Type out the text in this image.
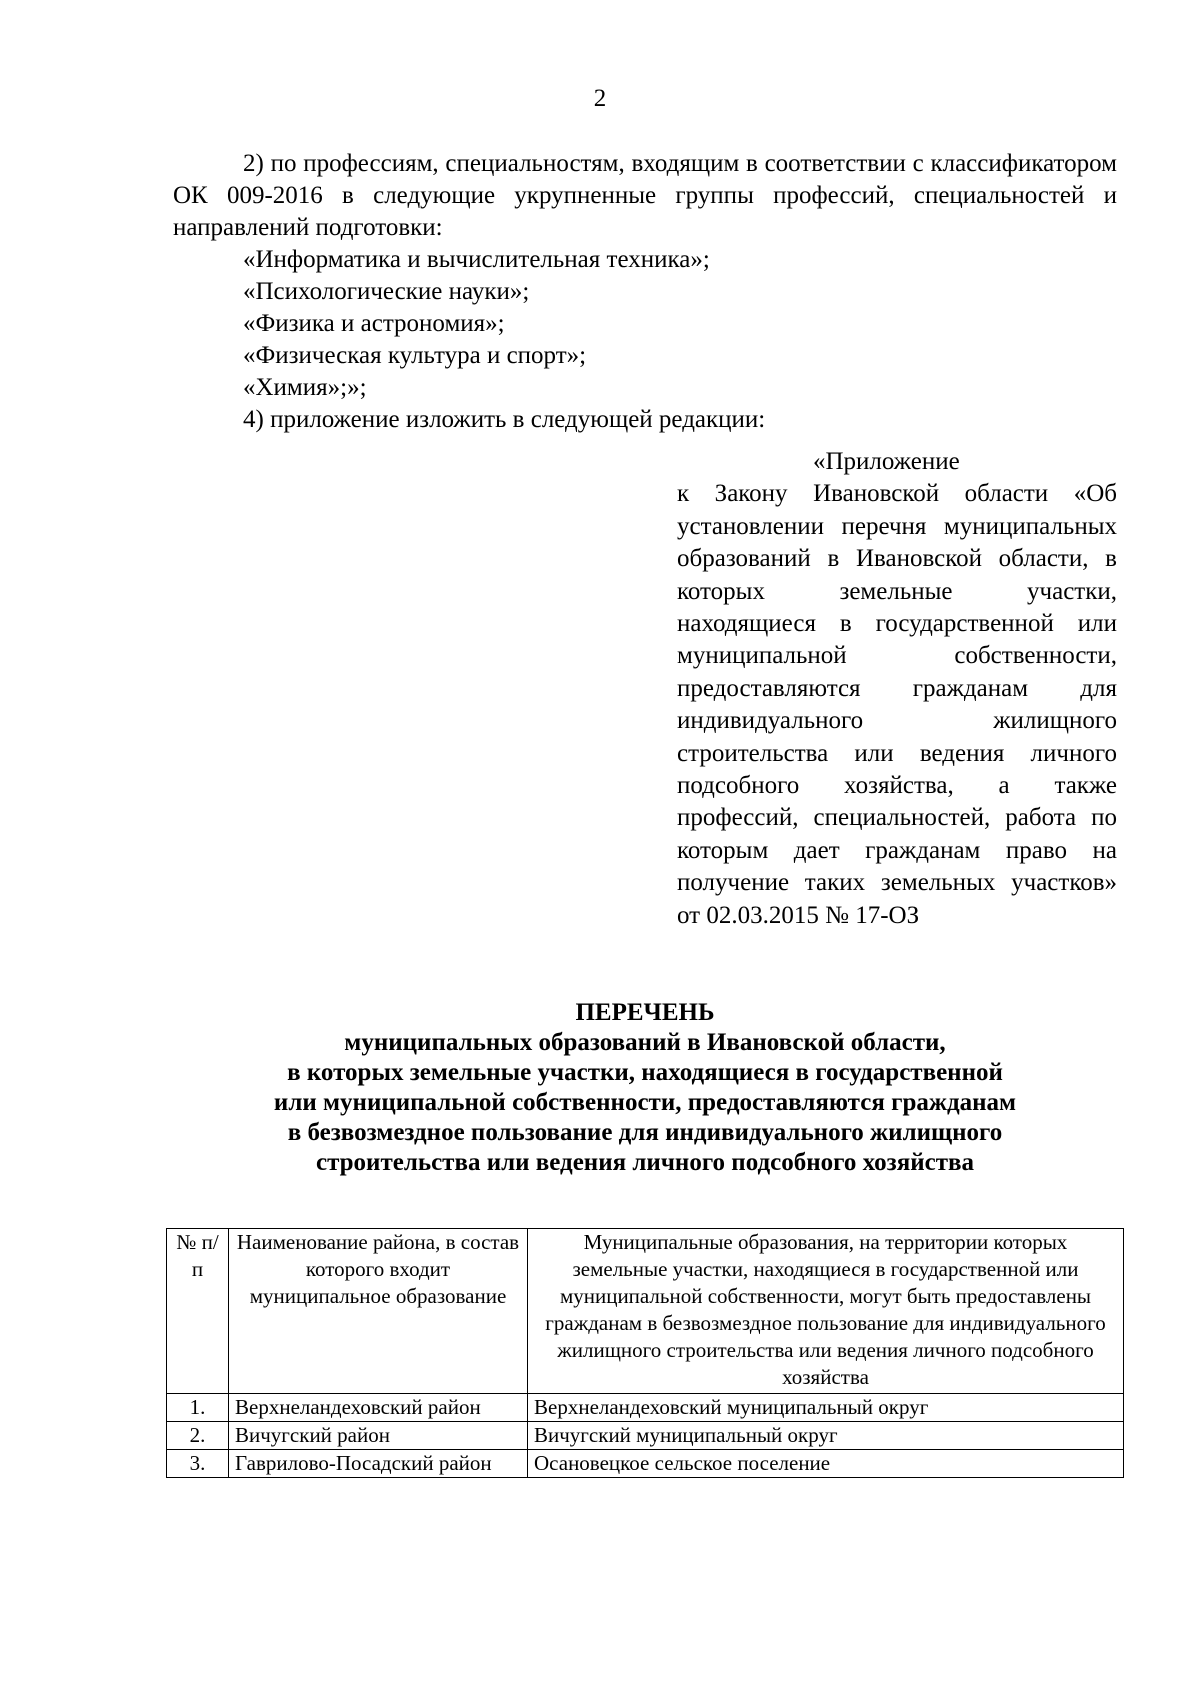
2

2) по профессиям, специальностям, входящим в соответствии с классификатором ОК 009-2016 в следующие укрупненные группы профессий, специальностей и направлений подготовки:

«Информатика и вычислительная техника»;

«Психологические науки»;

«Физика и астрономия»;

«Физическая культура и спорт»;

«Химия»;»;

4) приложение изложить в следующей редакции:

«Приложение

к Закону Ивановской области «Об установлении перечня муниципальных образований в Ивановской области, в которых земельные участки, находящиеся в государственной или муниципальной собственности, предоставляются гражданам для индивидуального жилищного строительства или ведения личного подсобного хозяйства, а также профессий, специальностей, работа по которым дает гражданам право на получение таких земельных участков» от 02.03.2015 № 17-ОЗ

ПЕРЕЧЕНЬ
муниципальных образований в Ивановской области,
в которых земельные участки, находящиеся в государственной
или муниципальной собственности, предоставляются гражданам
в безвозмездное пользование для индивидуального жилищного
строительства или ведения личного подсобного хозяйства
№ п/п	Наименование района, в состав которого входит муниципальное образование	Муниципальные образования, на территории которых земельные участки, находящиеся в государственной или муниципальной собственности, могут быть предоставлены гражданам в безвозмездное пользование для индивидуального жилищного строительства или ведения личного подсобного хозяйства
1.	Верхнеландеховский район	Верхнеландеховский муниципальный округ
2.	Вичугский район	Вичугский муниципальный округ
3.	Гаврилово-Посадский район	Осановецкое сельское поселение
